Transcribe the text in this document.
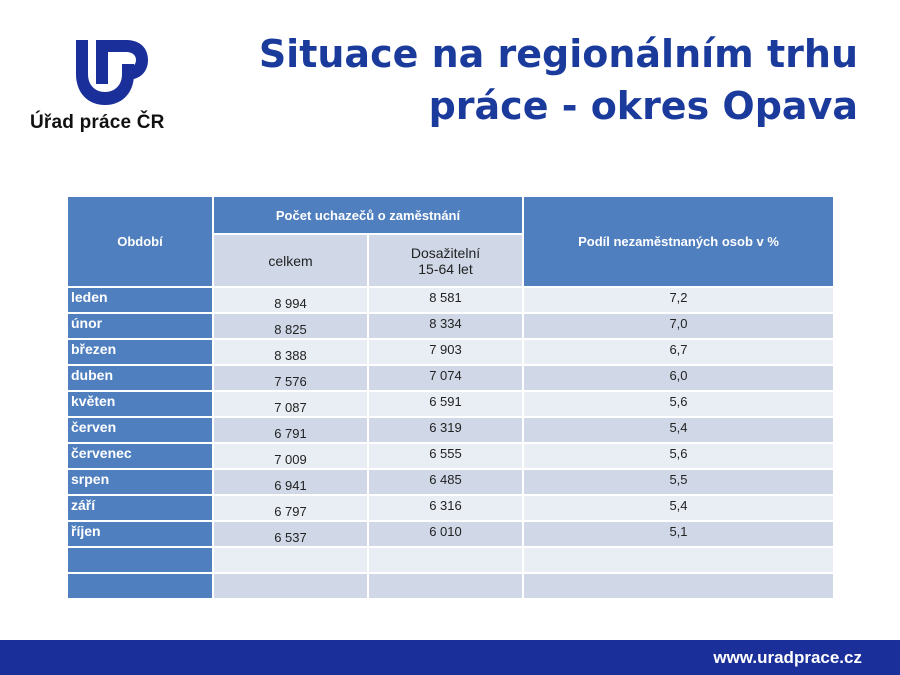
Úřad práce ČR
Situace na regionálním trhu
práce - okres Opava
Období	Počet uchazečů o zaměstnání		Podíl nezaměstnaných osob v %
	celkem	Dosažitelní
15-64 let	
leden	8 994	8 581	7,2
únor	8 825	8 334	7,0
březen	8 388	7 903	6,7
duben	7 576	7 074	6,0
květen	7 087	6 591	5,6
červen	6 791	6 319	5,4
červenec	7 009	6 555	5,6
srpen	6 941	6 485	5,5
září	6 797	6 316	5,4
říjen	6 537	6 010	5,1

www.uradprace.cz
